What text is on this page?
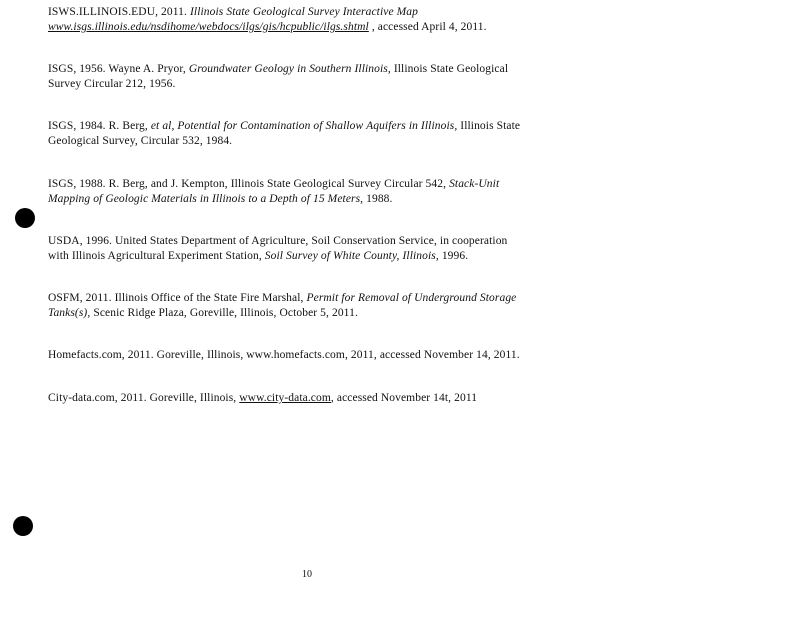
ISWS.ILLINOIS.EDU, 2011. Illinois State Geological Survey Interactive Map
www.isgs.illinois.edu/nsdihome/webdocs/ilgs/gis/hcpublic/ilgs.shtml , accessed April 4, 2011.
ISGS, 1956. Wayne A. Pryor, Groundwater Geology in Southern Illinois, Illinois State Geological
Survey Circular 212, 1956.
ISGS, 1984. R. Berg, et al, Potential for Contamination of Shallow Aquifers in Illinois, Illinois State
Geological Survey, Circular 532, 1984.
ISGS, 1988. R. Berg, and J. Kempton, Illinois State Geological Survey Circular 542, Stack-Unit
Mapping of Geologic Materials in Illinois to a Depth of 15 Meters, 1988.
USDA, 1996. United States Department of Agriculture, Soil Conservation Service, in cooperation
with Illinois Agricultural Experiment Station, Soil Survey of White County, Illinois, 1996.
OSFM, 2011. Illinois Office of the State Fire Marshal, Permit for Removal of Underground Storage
Tanks(s), Scenic Ridge Plaza, Goreville, Illinois, October 5, 2011.
Homefacts.com, 2011. Goreville, Illinois, www.homefacts.com, 2011, accessed November 14, 2011.
City-data.com, 2011. Goreville, Illinois, www.city-data.com, accessed November 14t, 2011
10
